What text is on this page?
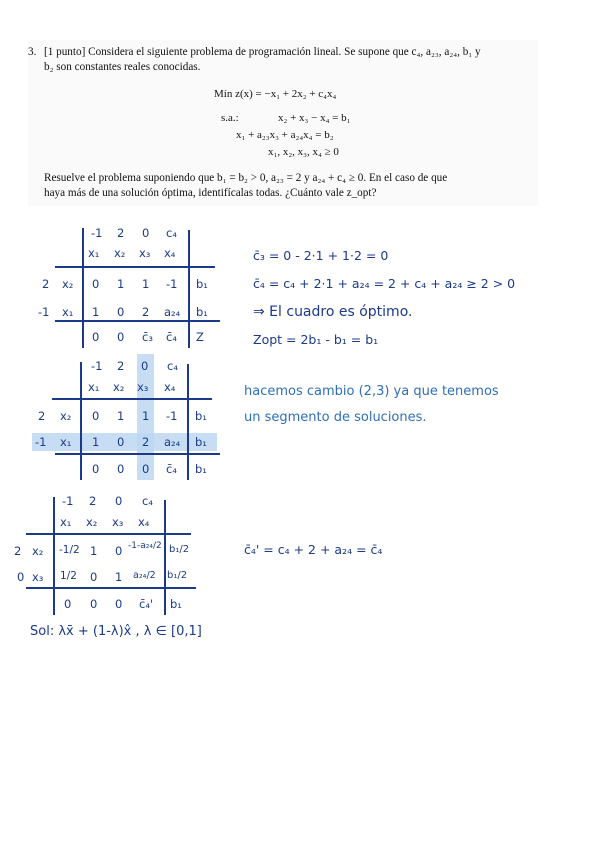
3. [1 punto] Considera el siguiente problema de programación lineal. Se supone que c₄, a₂₃, a₂₄, b₁ y
b₂ son constantes reales conocidas.
Mín z(x) = −x₁ + 2x₂ + c₄x₄
s.a.:	x₂ + x₃ − x₄ = b₁
x₁ + a₂₃x₃ + a₂₄x₄ = b₂
x₁, x₂, x₃, x₄ ≥ 0
Resuelve el problema suponiendo que b₁ = b₂ > 0, a₂₃ = 2 y a₂₄ + c₄ ≥ 0. En el caso de que
haya más de una solución óptima, identifícalas todas. ¿Cuánto vale z_opt?
-1 2 0 c₄
x₁ x₂ x₃ x₄
2 x₂ 0 1 1 -1 b₁
-1 x₁ 1 0 2 a₂₄ b₁
0 0 c̄₃ c̄₄ Z
c̄₃ = 0 - 2·1 + 1·2 = 0
c̄₄ = c₄ + 2·1 + a₂₄ = 2 + c₄ + a₂₄ ≥ 2 > 0
⇒ El cuadro es óptimo.
Zopt = 2b₁ - b₁ = b₁
-1 2 0 c₄
x₁ x₂ x₃ x₄
2 x₂ 0 1 1 -1 b₁
-1 x₁ 1 0 2 a₂₄ b₁
0 0 0 c̄₄ b₁
hacemos cambio (2,3) ya que tenemos
un segmento de soluciones.
-1 2 0 c₄
x₁ x₂ x₃ x₄
2 x₂ -1/2 1 0 -1-a₂₄/2 b₁/2
0 x₃ 1/2 0 1 a₂₄/2 b₁/2
0 0 0 c̄₄' b₁
c̄₄' = c₄ + 2 + a₂₄ = c̄₄
Sol: λx̄ + (1-λ)x̂ , λ ∈ [0,1]
